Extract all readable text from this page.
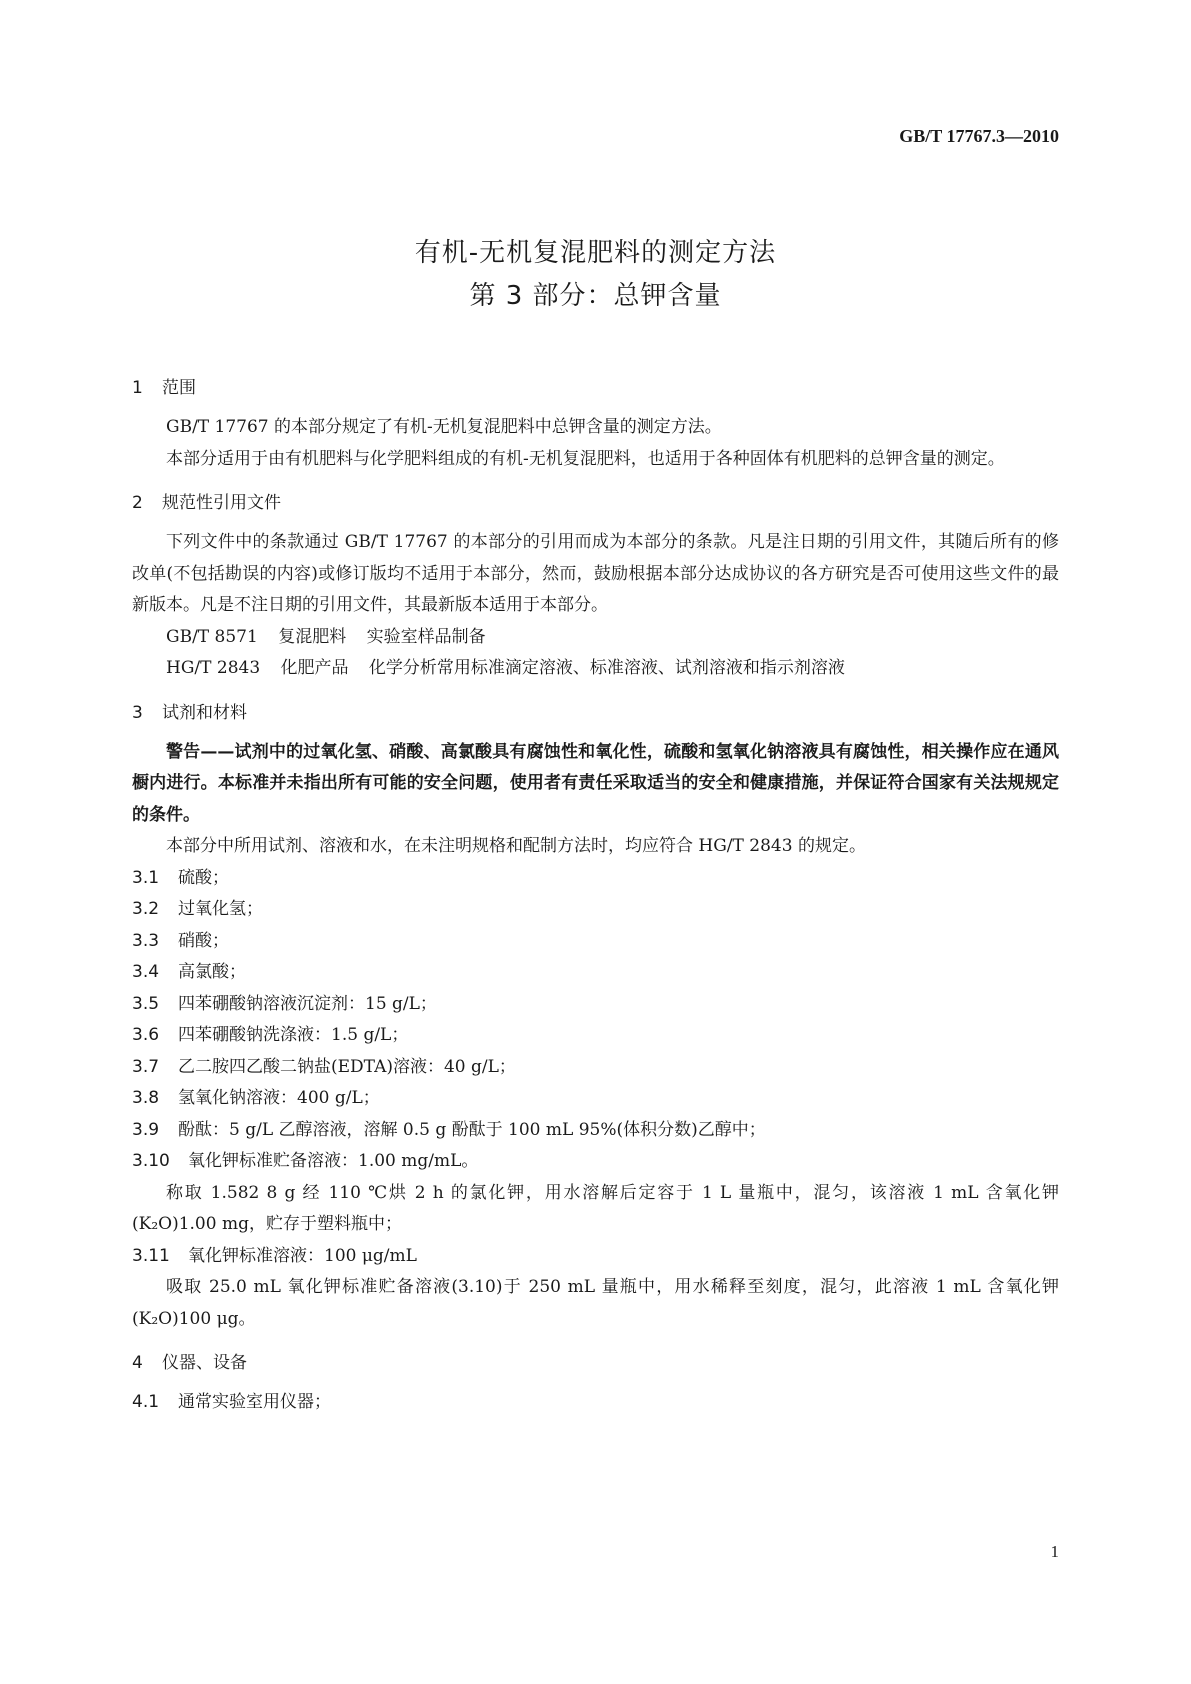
GB/T 17767.3—2010
有机-无机复混肥料的测定方法
第 3 部分：总钾含量
1 范围
GB/T 17767 的本部分规定了有机-无机复混肥料中总钾含量的测定方法。
本部分适用于由有机肥料与化学肥料组成的有机-无机复混肥料，也适用于各种固体有机肥料的总钾含量的测定。
2 规范性引用文件
下列文件中的条款通过 GB/T 17767 的本部分的引用而成为本部分的条款。凡是注日期的引用文件，其随后所有的修改单(不包括勘误的内容)或修订版均不适用于本部分，然而，鼓励根据本部分达成协议的各方研究是否可使用这些文件的最新版本。凡是不注日期的引用文件，其最新版本适用于本部分。
GB/T 8571 复混肥料 实验室样品制备
HG/T 2843 化肥产品 化学分析常用标准滴定溶液、标准溶液、试剂溶液和指示剂溶液
3 试剂和材料
警告——试剂中的过氧化氢、硝酸、高氯酸具有腐蚀性和氧化性，硫酸和氢氧化钠溶液具有腐蚀性，相关操作应在通风橱内进行。本标准并未指出所有可能的安全问题，使用者有责任采取适当的安全和健康措施，并保证符合国家有关法规规定的条件。
本部分中所用试剂、溶液和水，在未注明规格和配制方法时，均应符合 HG/T 2843 的规定。
3.1 硫酸；
3.2 过氧化氢；
3.3 硝酸；
3.4 高氯酸；
3.5 四苯硼酸钠溶液沉淀剂：15 g/L；
3.6 四苯硼酸钠洗涤液：1.5 g/L；
3.7 乙二胺四乙酸二钠盐(EDTA)溶液：40 g/L；
3.8 氢氧化钠溶液：400 g/L；
3.9 酚酞：5 g/L 乙醇溶液，溶解 0.5 g 酚酞于 100 mL 95%(体积分数)乙醇中；
3.10 氧化钾标准贮备溶液：1.00 mg/mL。
称取 1.582 8 g 经 110 ℃烘 2 h 的氯化钾，用水溶解后定容于 1 L 量瓶中，混匀，该溶液 1 mL 含氧化钾(K₂O)1.00 mg，贮存于塑料瓶中；
3.11 氧化钾标准溶液：100 μg/mL
吸取 25.0 mL 氧化钾标准贮备溶液(3.10)于 250 mL 量瓶中，用水稀释至刻度，混匀，此溶液 1 mL 含氧化钾(K₂O)100 μg。
4 仪器、设备
4.1 通常实验室用仪器；
1
